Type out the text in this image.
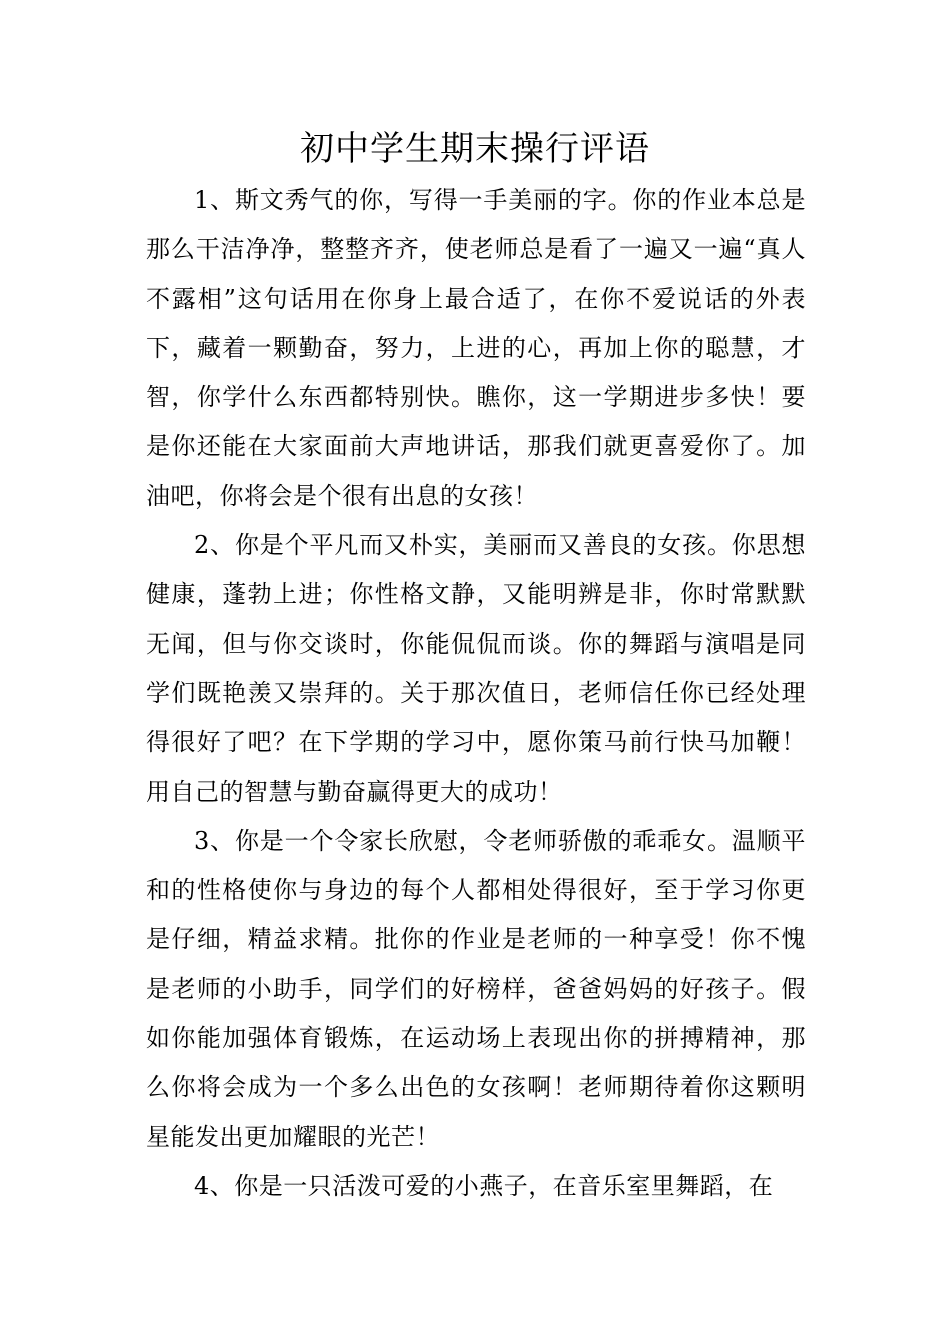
初中学生期末操行评语

1、斯文秀气的你，写得一手美丽的字。你的作业本总是那么干洁净净，整整齐齐，使老师总是看了一遍又一遍“真人不露相”这句话用在你身上最合适了，在你不爱说话的外表下，藏着一颗勤奋，努力，上进的心，再加上你的聪慧，才智，你学什么东西都特别快。瞧你，这一学期进步多快！要是你还能在大家面前大声地讲话，那我们就更喜爱你了。加油吧，你将会是个很有出息的女孩！

2、你是个平凡而又朴实，美丽而又善良的女孩。你思想健康，蓬勃上进；你性格文静，又能明辨是非，你时常默默无闻，但与你交谈时，你能侃侃而谈。你的舞蹈与演唱是同学们既艳羡又崇拜的。关于那次值日，老师信任你已经处理得很好了吧？在下学期的学习中，愿你策马前行快马加鞭！用自己的智慧与勤奋赢得更大的成功！

3、你是一个令家长欣慰，令老师骄傲的乖乖女。温顺平和的性格使你与身边的每个人都相处得很好，至于学习你更是仔细，精益求精。批你的作业是老师的一种享受！你不愧是老师的小助手，同学们的好榜样，爸爸妈妈的好孩子。假如你能加强体育锻炼，在运动场上表现出你的拼搏精神，那么你将会成为一个多么出色的女孩啊！老师期待着你这颗明星能发出更加耀眼的光芒！

4、你是一只活泼可爱的小燕子，在音乐室里舞蹈，在
